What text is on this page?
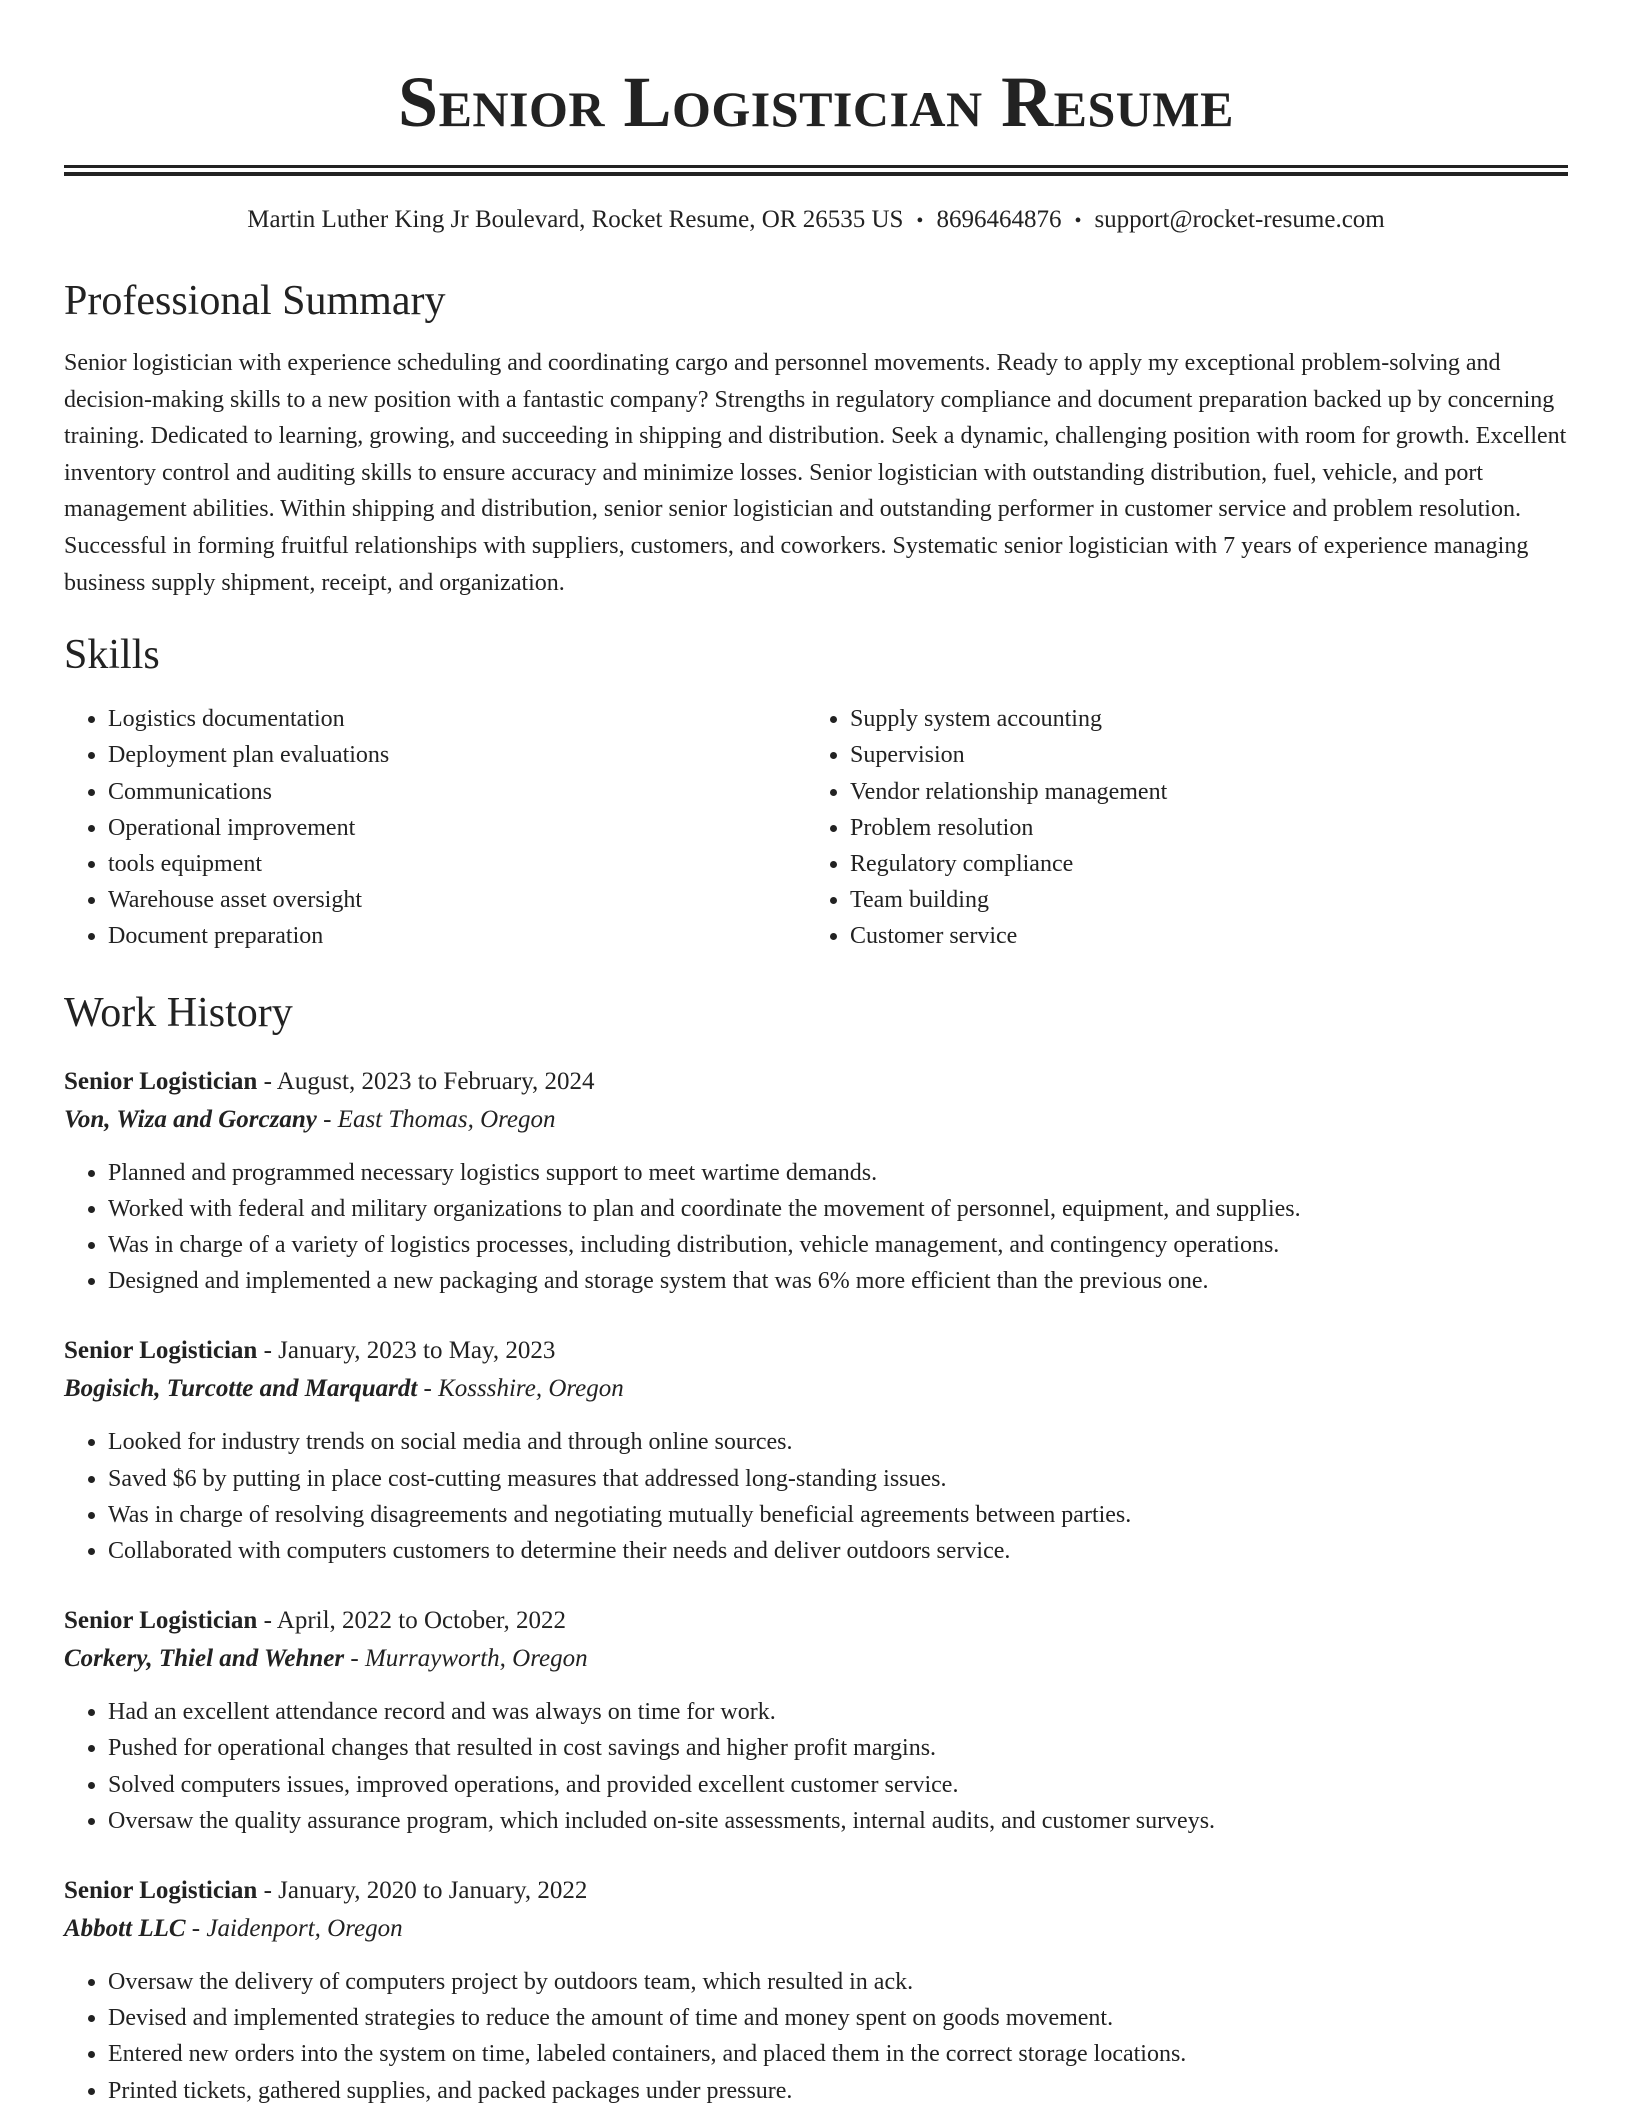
Senior Logistician Resume
Martin Luther King Jr Boulevard, Rocket Resume, OR 26535 US • 8696464876 • support@rocket-resume.com
Professional Summary

Senior logistician with experience scheduling and coordinating cargo and personnel movements. Ready to apply my exceptional problem-solving and decision-making skills to a new position with a fantastic company? Strengths in regulatory compliance and document preparation backed up by concerning training. Dedicated to learning, growing, and succeeding in shipping and distribution. Seek a dynamic, challenging position with room for growth. Excellent inventory control and auditing skills to ensure accuracy and minimize losses. Senior logistician with outstanding distribution, fuel, vehicle, and port management abilities. Within shipping and distribution, senior senior logistician and outstanding performer in customer service and problem resolution. Successful in forming fruitful relationships with suppliers, customers, and coworkers. Systematic senior logistician with 7 years of experience managing business supply shipment, receipt, and organization.

Skills
• Logistics documentation
• Deployment plan evaluations
• Communications
• Operational improvement
• tools equipment
• Warehouse asset oversight
• Document preparation
• Supply system accounting
• Supervision
• Vendor relationship management
• Problem resolution
• Regulatory compliance
• Team building
• Customer service
Work History
Senior Logistician - August, 2023 to February, 2024
Von, Wiza and Gorczany - East Thomas, Oregon
• Planned and programmed necessary logistics support to meet wartime demands.
• Worked with federal and military organizations to plan and coordinate the movement of personnel, equipment, and supplies.
• Was in charge of a variety of logistics processes, including distribution, vehicle management, and contingency operations.
• Designed and implemented a new packaging and storage system that was 6% more efficient than the previous one.
Senior Logistician - January, 2023 to May, 2023
Bogisich, Turcotte and Marquardt - Kossshire, Oregon
• Looked for industry trends on social media and through online sources.
• Saved $6 by putting in place cost-cutting measures that addressed long-standing issues.
• Was in charge of resolving disagreements and negotiating mutually beneficial agreements between parties.
• Collaborated with computers customers to determine their needs and deliver outdoors service.
Senior Logistician - April, 2022 to October, 2022
Corkery, Thiel and Wehner - Murrayworth, Oregon
• Had an excellent attendance record and was always on time for work.
• Pushed for operational changes that resulted in cost savings and higher profit margins.
• Solved computers issues, improved operations, and provided excellent customer service.
• Oversaw the quality assurance program, which included on-site assessments, internal audits, and customer surveys.
Senior Logistician - January, 2020 to January, 2022
Abbott LLC - Jaidenport, Oregon
• Oversaw the delivery of computers project by outdoors team, which resulted in ack.
• Devised and implemented strategies to reduce the amount of time and money spent on goods movement.
• Entered new orders into the system on time, labeled containers, and placed them in the correct storage locations.
• Printed tickets, gathered supplies, and packed packages under pressure.
